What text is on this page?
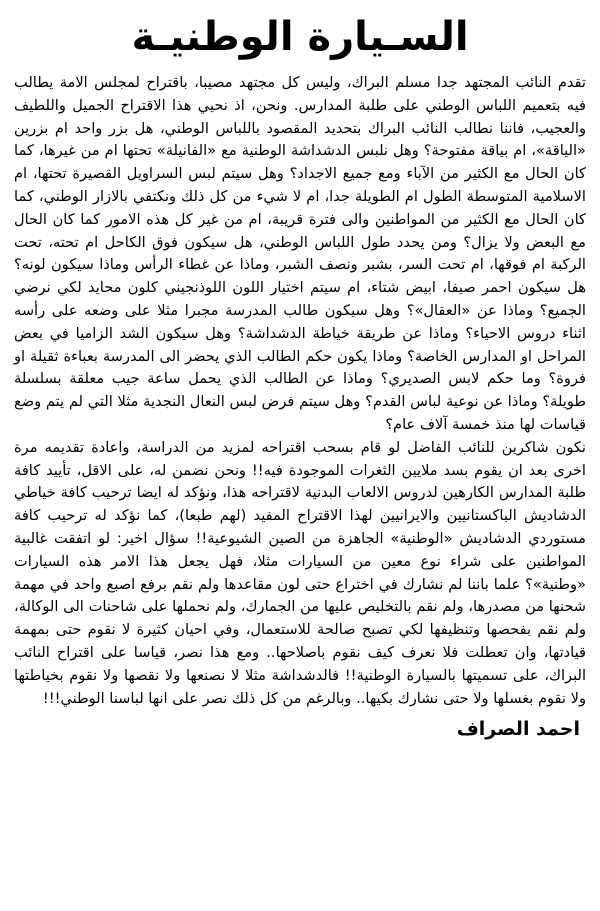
السـيارة الوطنيـة

تقدم النائب المجتهد جدا مسلم البراك، وليس كل مجتهد مصيبا، باقتراح لمجلس الامة يطالب فيه بتعميم اللباس الوطني على طلبة المدارس. ونحن، اذ نحيي هذا الاقتراح الجميل واللطيف والعجيب، فاننا نطالب النائب البراك بتحديد المقصود باللباس الوطني، هل بزر واحد ام بزرين «الياقة»، ام بياقة مفتوحة؟ وهل نلبس الدشداشة الوطنية مع «الفانيلة» تحتها ام من غيرها، كما كان الحال مع الكثير من الآباء ومع جميع الاجداد؟ وهل سيتم لبس السراويل القصيرة تحتها، ام الاسلامية المتوسطة الطول ام الطويلة جدا، ام لا شيء من كل ذلك ونكتفي بالازار الوطني، كما كان الحال مع الكثير من المواطنين والى فترة قريبة، ام من غير كل هذه الامور كما كان الحال مع البعض ولا يزال؟ ومن يحدد طول اللباس الوطني، هل سيكون فوق الكاحل ام تحته، تحت الركبة ام فوقها، ام تحت السر، بشبر ونصف الشبر، وماذا عن غطاء الرأس وماذا سيكون لونه؟ هل سيكون احمر صيفا، ابيض شتاء، ام سيتم اختيار اللون اللوذنجيني كلون محايد لكي نرضي الجميع؟ وماذا عن «العقال»؟ وهل سيكون طالب المدرسة مجبرا مثلا على وضعه على رأسه اثناء دروس الاحياء؟ وماذا عن طريقة خياطة الدشداشة؟ وهل سيكون الشد الزاميا في بعض المراحل او المدارس الخاصة؟ وماذا يكون حكم الطالب الذي يحضر الى المدرسة بعباءة ثقيلة او فروة؟ وما حكم لابس الصديري؟ وماذا عن الطالب الذي يحمل ساعة جيب معلقة بسلسلة طويلة؟ وماذا عن نوعية لباس القدم؟ وهل سيتم فرض لبس النعال النجدية مثلا التي لم يتم وضع قياسات لها منذ خمسة آلاف عام؟

نكون شاكرين للنائب الفاضل لو قام بسحب اقتراحه لمزيد من الدراسة، واعادة تقديمه مرة اخرى بعد ان يقوم بسد ملايين الثغرات الموجودة فيه!! ونحن نضمن له، على الاقل، تأييد كافة طلبة المدارس الكارهين لدروس الالعاب البدنية لاقتراحه هذا، ونؤكد له ايضا ترحيب كافة خياطي الدشاديش الباكستانيين والايرانيين لهذا الاقتراح المفيد (لهم طبعا)، كما نؤكد له ترحيب كافة مستوردي الدشاديش «الوطنية» الجاهزة من الصين الشيوعية!! سؤال اخير: لو اتفقت غالبية المواطنين على شراء نوع معين من السيارات مثلا، فهل يجعل هذا الامر هذه السيارات «وطنية»؟ علما باننا لم نشارك في اختراع حتى لون مقاعدها ولم نقم برفع اصبع واحد في مهمة شحنها من مصدرها، ولم نقم بالتخليص عليها من الجمارك، ولم نحملها على شاحنات الى الوكالة، ولم نقم بفحصها وتنظيفها لكي تصبح صالحة للاستعمال، وفي احيان كثيرة لا نقوم حتى بمهمة قيادتها، وان تعطلت فلا نعرف كيف نقوم باصلاحها.. ومع هذا نصر، قياسا على اقتراح النائب البراك، على تسميتها بالسيارة الوطنية!! فالدشداشة مثلا لا نصنعها ولا نقصها ولا نقوم بخياطتها ولا نقوم بغسلها ولا حتى نشارك بكيها.. وبالرغم من كل ذلك نصر على انها لباسنا الوطني!!!

احمد الصراف
